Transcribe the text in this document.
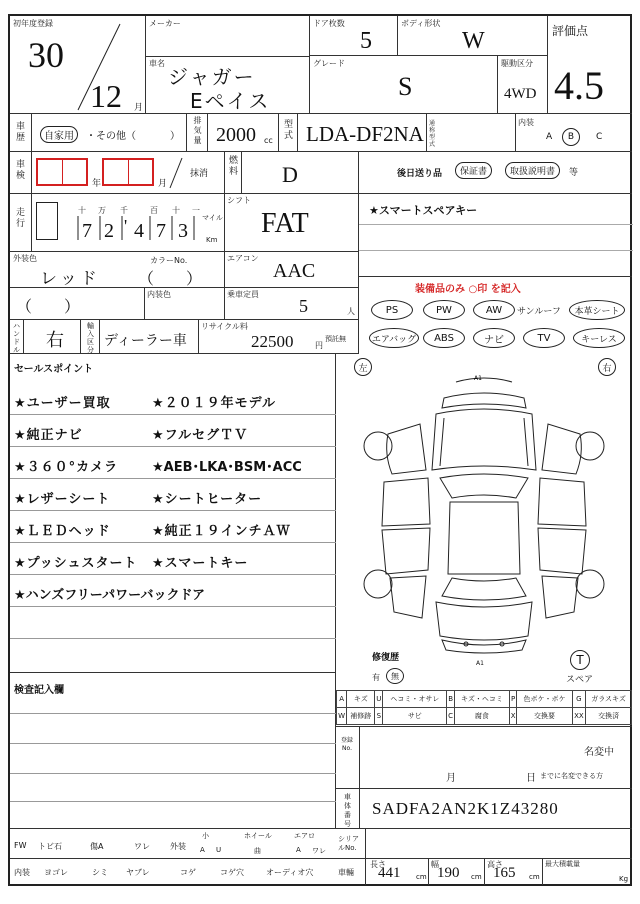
初年度登録
30
12 月
メーカー
車名
ジャガー
Eペイス
ドア枚数
5
ボディ形状
W
グレード
S
駆動区分
4WD
評価点
4.5
車歴	自家用	・その他（	）
排気量 2000 cc
型式 LDA-DF2NA 通称型式
内装
A	B	C
車検
年	月
抹消
燃料 D	後日送り品	保証書	取扱説明書	等
走行
十 万 千	百 十 一
7 2 ' 4 7 3
マイル
Km
シフト
FAT	★スマートスペアキー
外装色
レッド
カラーNo.
（　　）
エアコン
AAC
装備品のみ ○印 を記入
（　　）
内装色	乗車定員
5	人	PS	PW	AW	サンルーフ	本革シート
エアバッグ	ABS	ナビ	TV	キーレス
ハンドル 右
輸入区分
ディーラー車
リサイクル料
22500	円
預託無
セールスポイント
★ユーザー買取	★２０１９年モデル
★純正ナビ	★フルセグＴＶ
★３６０°カメラ	★AEB･LKA･BSM･ACC
★レザーシート	★シートヒーター
★ＬＥＤヘッド	★純正１９インチＡＷ
★プッシュスタート ★スマートキー
★ハンズフリーパワーバックドア
検査記入欄
左	右
A1
A1
修復歴
有	無
T
スペア
A	キズ	U	ヘコミ・オサレ	B	キズ・ヘコミ	P	色ボケ・ボケ	G	ガラスキズ
W	補修跡	S	サビ	C	腐食	X	交換要	XX	交換済
登録No.	名変中
月	日 までに名変できる方
車体番号
SADFA2AN2K1Z43280
FW トビ石	傷A	ワレ	外装
小	ホイール	エアロ
A U	曲	A ワレ
内装 ヨゴレ	シミ ヤブレ	コゲ	コゲ穴	オーディオ穴
シリアルNo.
車輛
長さ
441 cm
幅
190 cm
高さ
165 cm
最大積載量
Kg
